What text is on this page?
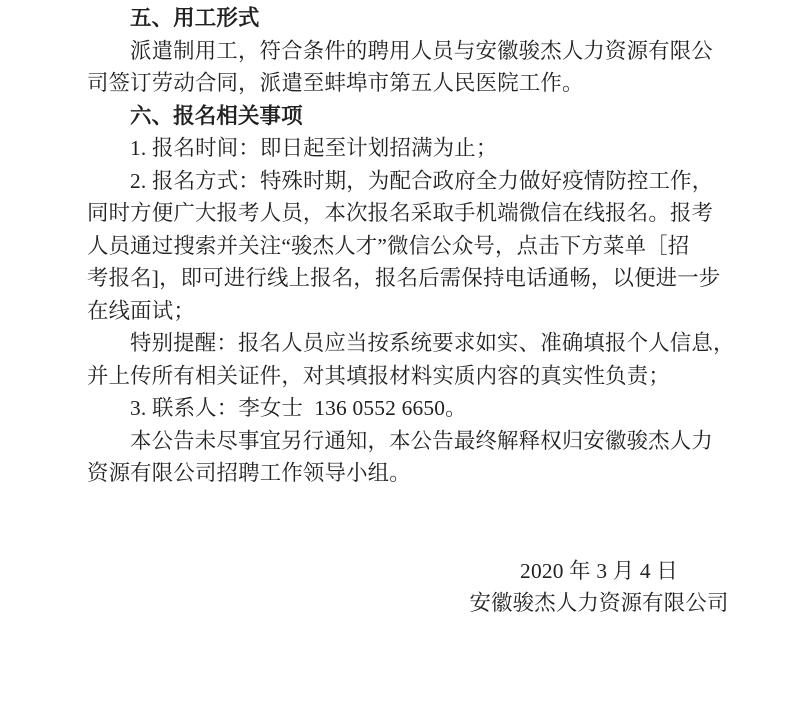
五、用工形式
派遣制用工，符合条件的聘用人员与安徽骏杰人力资源有限公
司签订劳动合同，派遣至蚌埠市第五人民医院工作。
六、报名相关事项
1. 报名时间：即日起至计划招满为止；
2. 报名方式：特殊时期，为配合政府全力做好疫情防控工作，
同时方便广大报考人员，本次报名采取手机端微信在线报名。报考
人员通过搜索并关注“骏杰人才”微信公众号，点击下方菜单［招
考报名]，即可进行线上报名，报名后需保持电话通畅，以便进一步
在线面试；
特别提醒：报名人员应当按系统要求如实、准确填报个人信息，
并上传所有相关证件，对其填报材料实质内容的真实性负责；
3. 联系人：李女士  136 0552 6650。
本公告未尽事宜另行通知，本公告最终解释权归安徽骏杰人力
资源有限公司招聘工作领导小组。
2020 年 3 月 4 日
安徽骏杰人力资源有限公司
